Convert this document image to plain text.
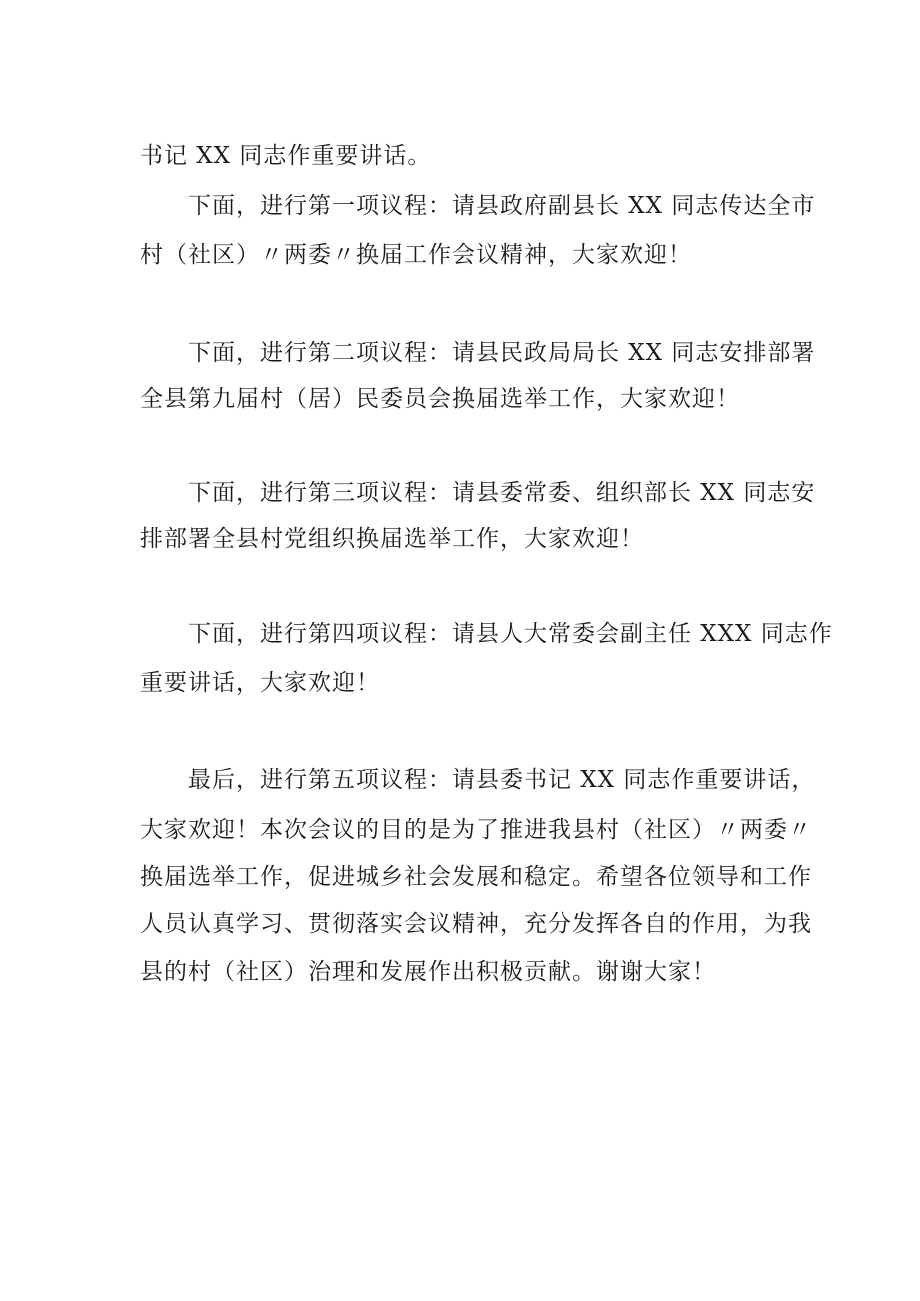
书记 XX 同志作重要讲话。
下面，进行第一项议程：请县政府副县长 XX 同志传达全市
村（社区）〃两委〃换届工作会议精神，大家欢迎！
下面，进行第二项议程：请县民政局局长 XX 同志安排部署
全县第九届村（居）民委员会换届选举工作，大家欢迎！
下面，进行第三项议程：请县委常委、组织部长 XX 同志安
排部署全县村党组织换届选举工作，大家欢迎！
下面，进行第四项议程：请县人大常委会副主任 XXX 同志作
重要讲话，大家欢迎！
最后，进行第五项议程：请县委书记 XX 同志作重要讲话，
大家欢迎！本次会议的目的是为了推进我县村（社区）〃两委〃
换届选举工作，促进城乡社会发展和稳定。希望各位领导和工作
人员认真学习、贯彻落实会议精神，充分发挥各自的作用，为我
县的村（社区）治理和发展作出积极贡献。谢谢大家！
